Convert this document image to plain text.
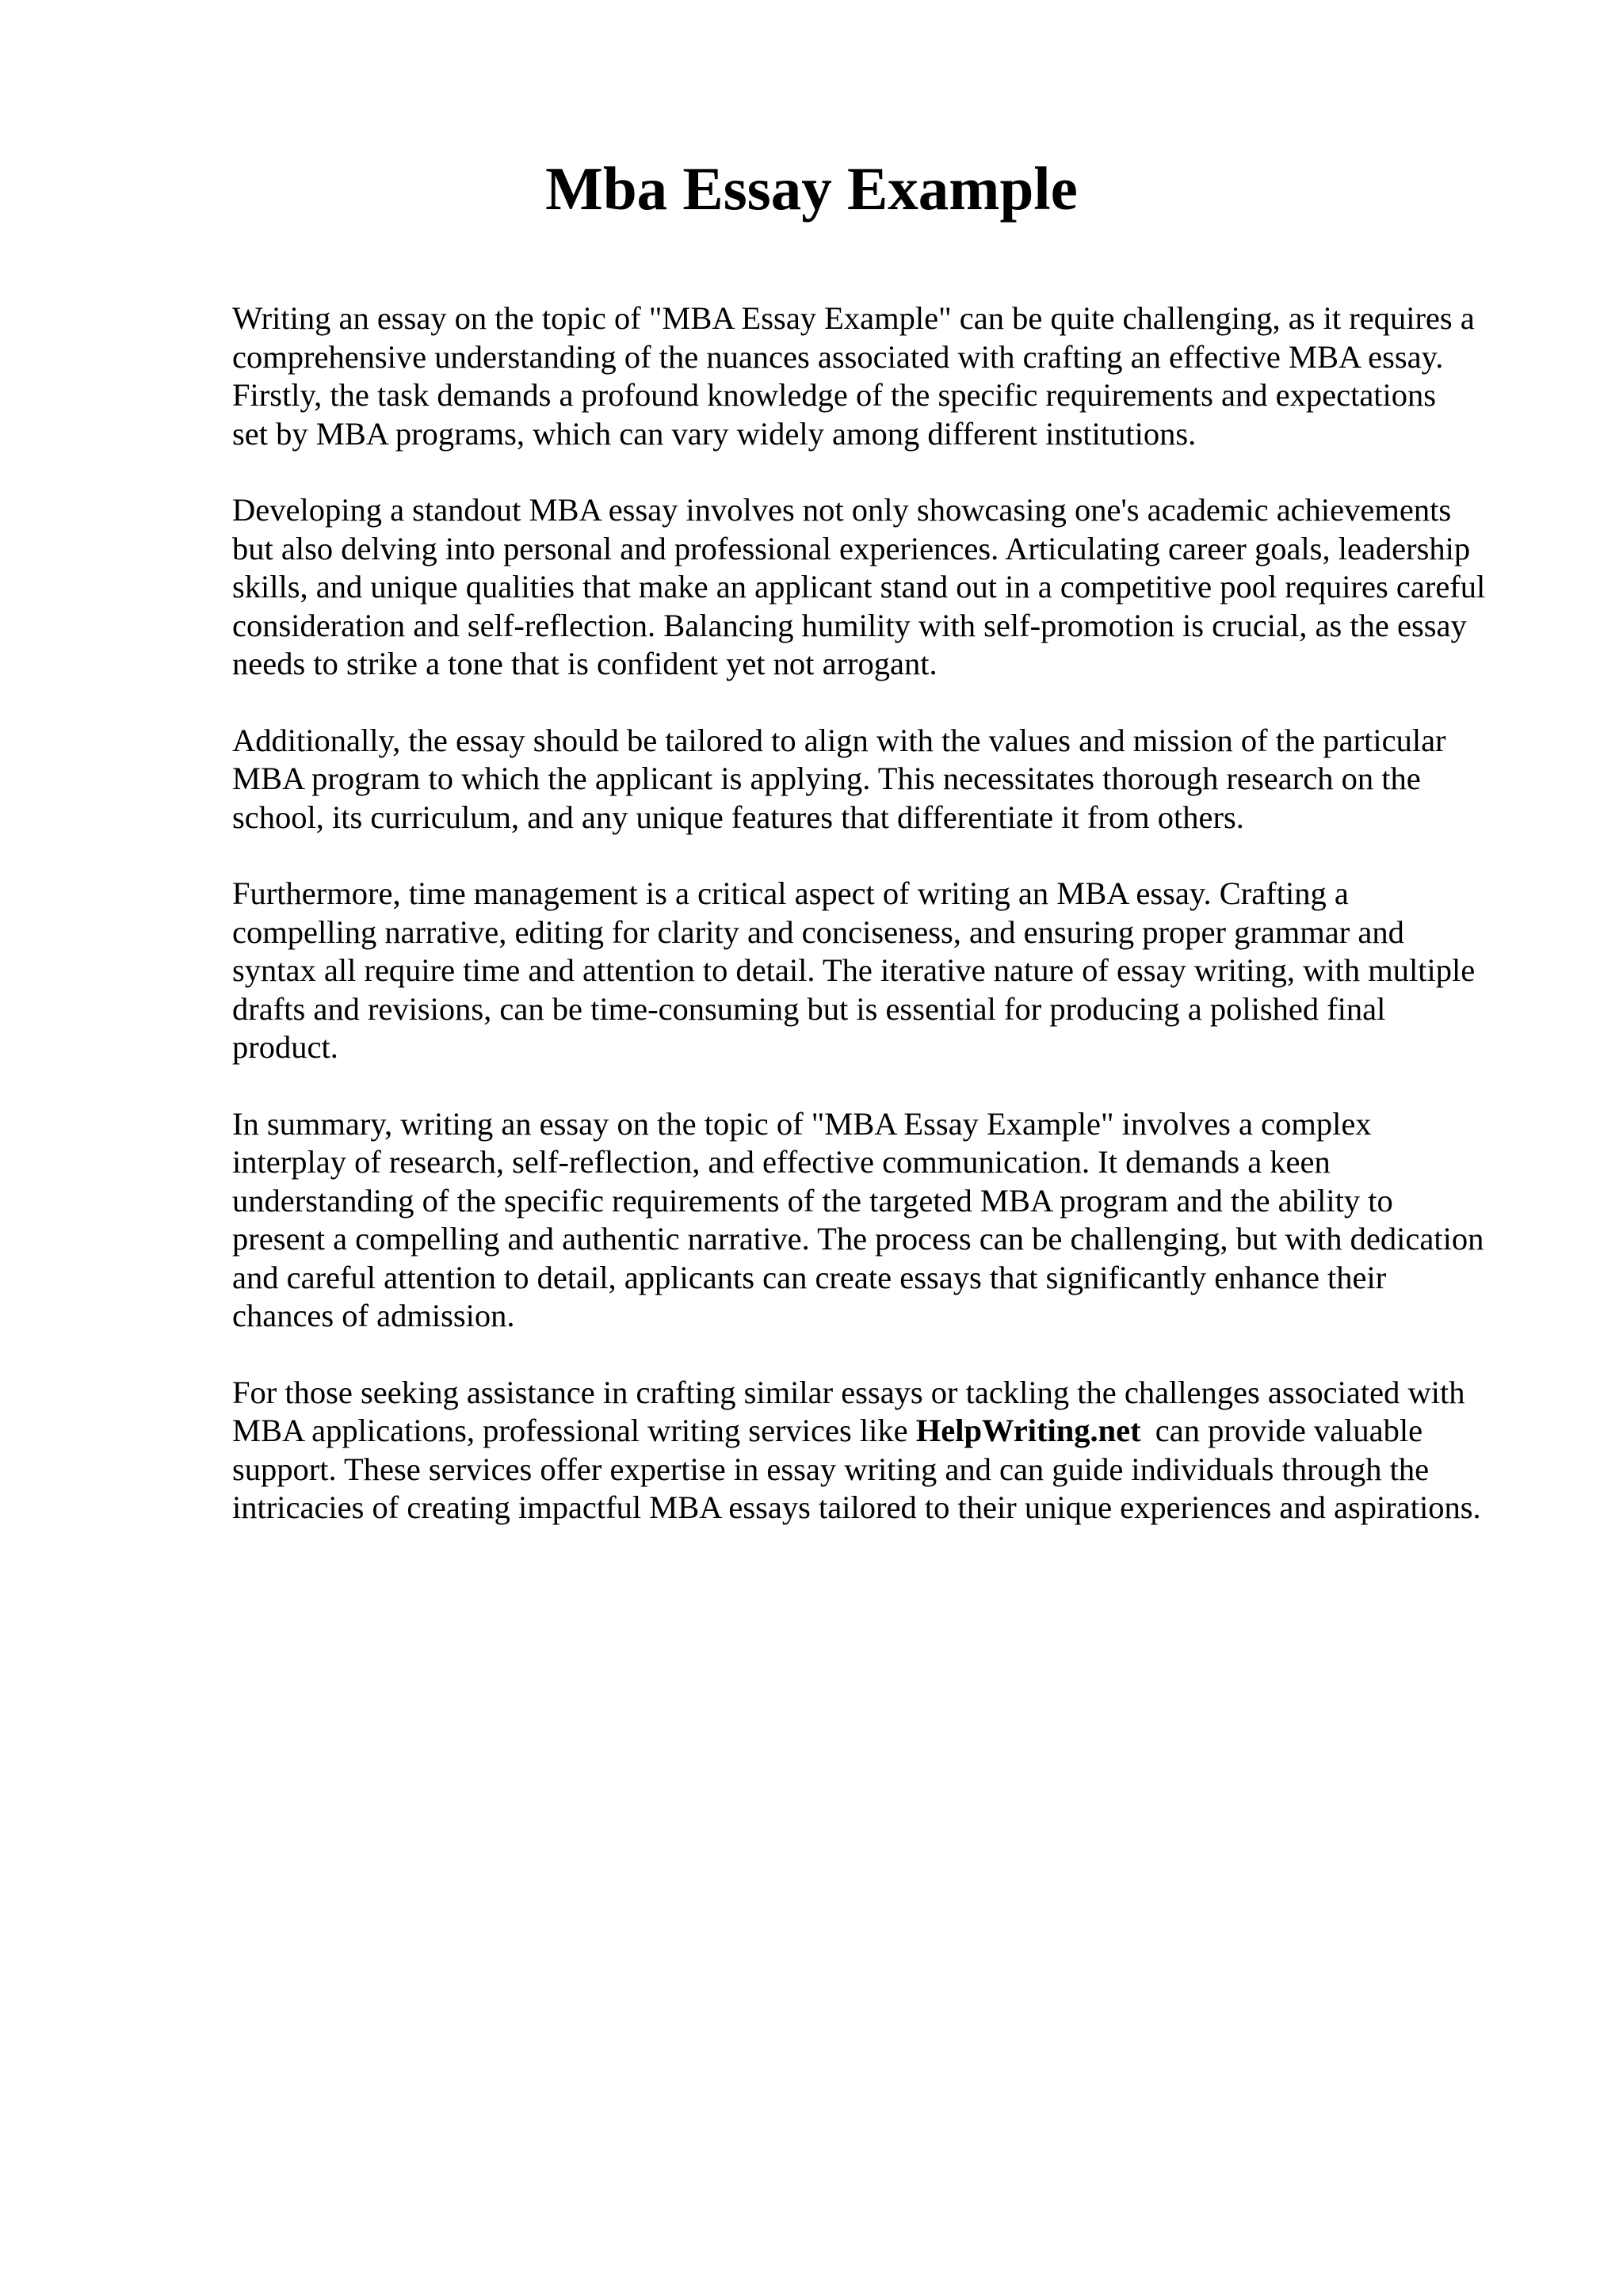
Mba Essay Example

Writing an essay on the topic of "MBA Essay Example" can be quite challenging, as it requires a
comprehensive understanding of the nuances associated with crafting an effective MBA essay.
Firstly, the task demands a profound knowledge of the specific requirements and expectations
set by MBA programs, which can vary widely among different institutions.

Developing a standout MBA essay involves not only showcasing one's academic achievements
but also delving into personal and professional experiences. Articulating career goals, leadership
skills, and unique qualities that make an applicant stand out in a competitive pool requires careful
consideration and self-reflection. Balancing humility with self-promotion is crucial, as the essay
needs to strike a tone that is confident yet not arrogant.

Additionally, the essay should be tailored to align with the values and mission of the particular
MBA program to which the applicant is applying. This necessitates thorough research on the
school, its curriculum, and any unique features that differentiate it from others.

Furthermore, time management is a critical aspect of writing an MBA essay. Crafting a
compelling narrative, editing for clarity and conciseness, and ensuring proper grammar and
syntax all require time and attention to detail. The iterative nature of essay writing, with multiple
drafts and revisions, can be time-consuming but is essential for producing a polished final
product.

In summary, writing an essay on the topic of "MBA Essay Example" involves a complex
interplay of research, self-reflection, and effective communication. It demands a keen
understanding of the specific requirements of the targeted MBA program and the ability to
present a compelling and authentic narrative. The process can be challenging, but with dedication
and careful attention to detail, applicants can create essays that significantly enhance their
chances of admission.

For those seeking assistance in crafting similar essays or tackling the challenges associated with
MBA applications, professional writing services like HelpWriting.net can provide valuable
support. These services offer expertise in essay writing and can guide individuals through the
intricacies of creating impactful MBA essays tailored to their unique experiences and aspirations.
